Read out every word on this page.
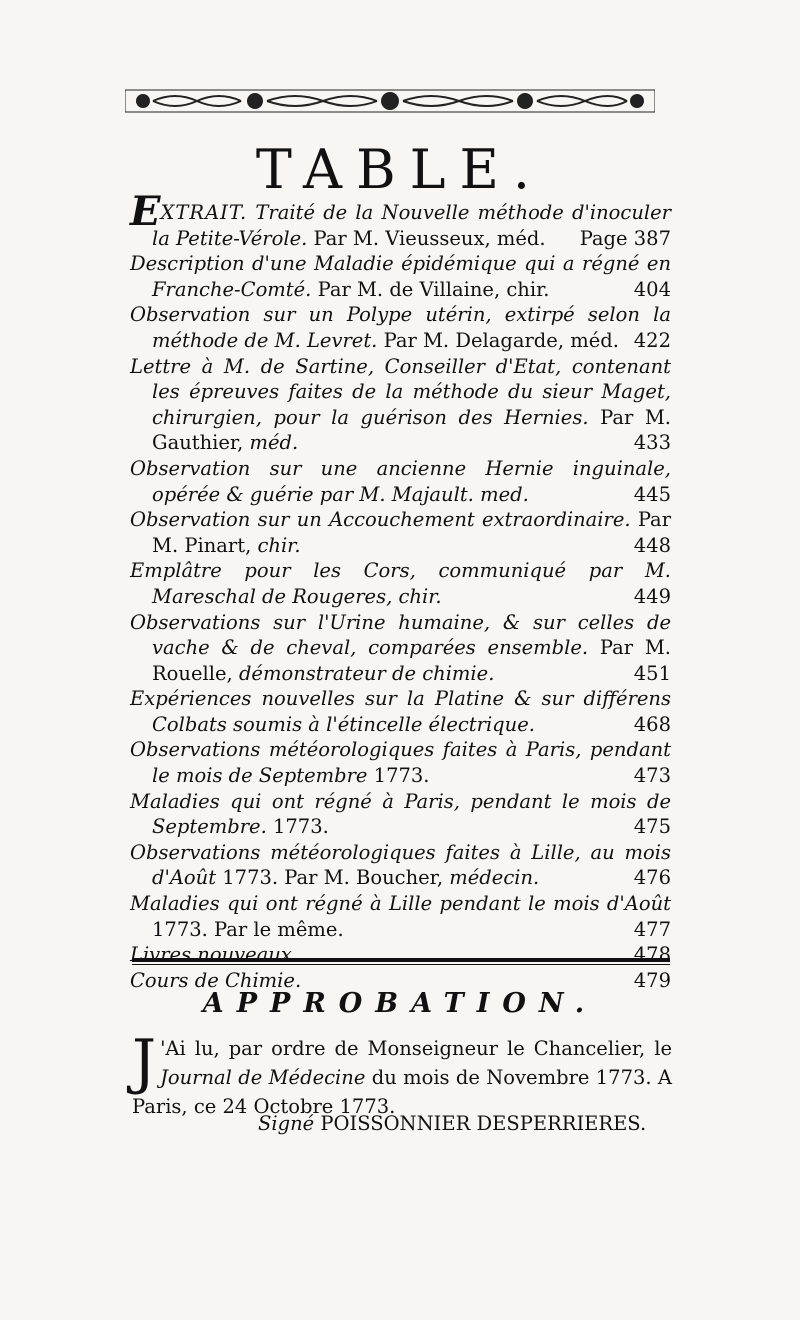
TABLE.
EXTRAIT. Traité de la Nouvelle méthode d'inoculer la Petite-Vérole. Par M. Vieusseux, méd. Page 387
Description d'une Maladie épidémique qui a régné en Franche-Comté. Par M. de Villaine, chir.	404
Observation sur un Polype utérin, extirpé selon la méthode de M. Levret. Par M. Delagarde, méd. 422
Lettre à M. de Sartine, Conseiller d'Etat, contenant les épreuves faites de la méthode du sieur Maget, chirurgien, pour la guérison des Hernies. Par M. Gauthier, méd.	433
Observation sur une ancienne Hernie inguinale, opérée & guérie par M. Majault. med.	445
Observation sur un Accouchement extraordinaire. Par M. Pinart, chir.	448
Emplâtre pour les Cors, communiqué par M. Mareschal de Rougeres, chir.	449
Observations sur l'Urine humaine, & sur celles de vache & de cheval, comparées ensemble. Par M. Rouelle, démonstrateur de chimie.	451
Expériences nouvelles sur la Platine & sur différens Colbats soumis à l'étincelle électrique.	468
Observations météorologiques faites à Paris, pendant le mois de Septembre 1773.	473
Maladies qui ont régné à Paris, pendant le mois de Septembre. 1773.	475
Observations météorologiques faites à Lille, au mois d'Août 1773. Par M. Boucher, médecin.	476
Maladies qui ont régné à Lille pendant le mois d'Août 1773. Par le même.	477
Livres nouveaux.	478
Cours de Chimie.	479
APPROBATION.
J 'Ai lu, par ordre de Monseigneur le Chancelier, le Journal de Médecine du mois de Novembre 1773. A Paris, ce 24 Octobre 1773.
Signé POISSONNIER DESPERRIERES.
